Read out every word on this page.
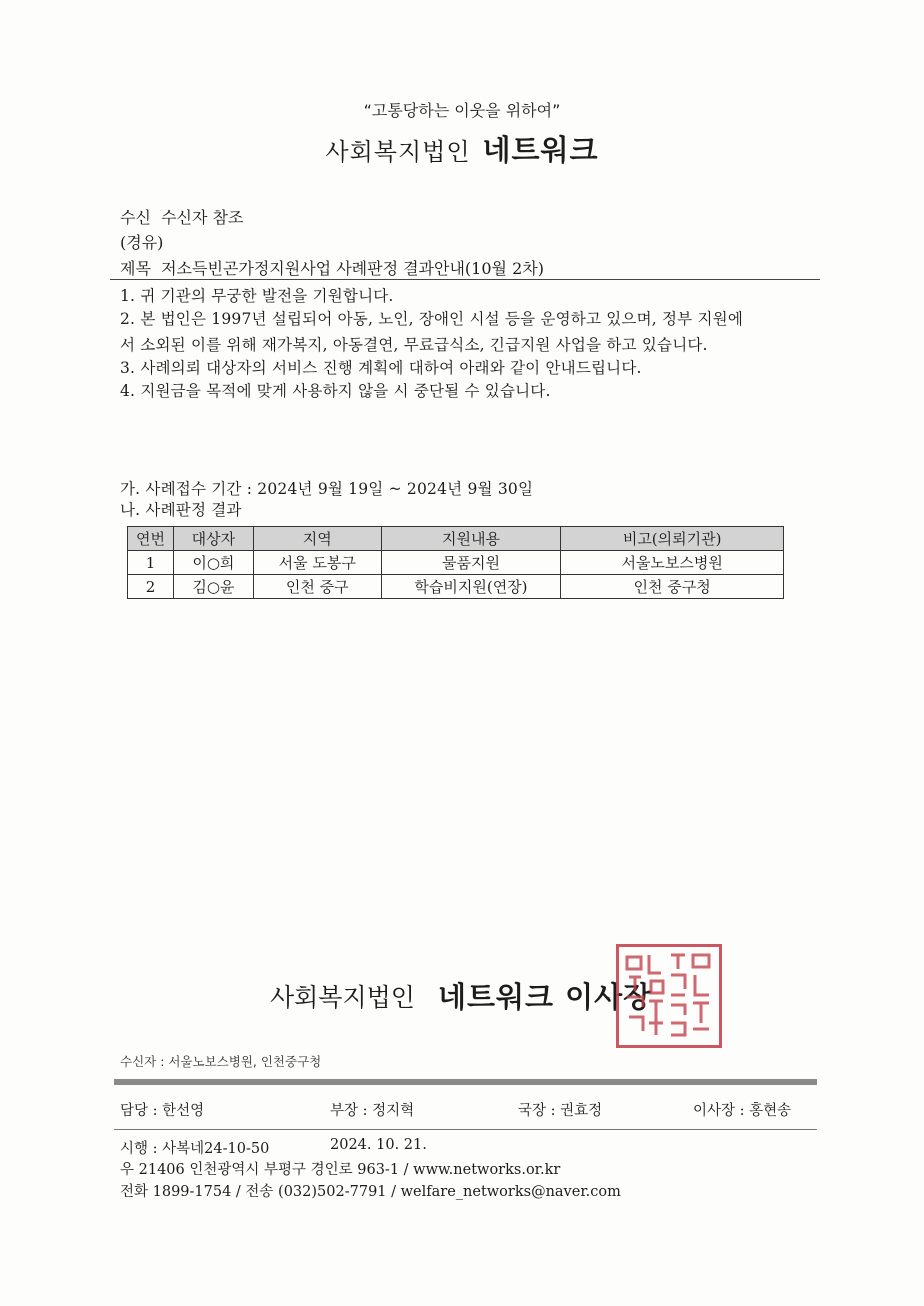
“고통당하는 이웃을 위하여”
사회복지법인 네트워크
수신 수신자 참조
(경유)
제목 저소득빈곤가정지원사업 사례판정 결과안내(10월 2차)
1. 귀 기관의 무궁한 발전을 기원합니다.
2. 본 법인은 1997년 설립되어 아동, 노인, 장애인 시설 등을 운영하고 있으며, 정부 지원에
서 소외된 이를 위해 재가복지, 아동결연, 무료급식소, 긴급지원 사업을 하고 있습니다.
3. 사례의뢰 대상자의 서비스 진행 계획에 대하여 아래와 같이 안내드립니다.
4. 지원금을 목적에 맞게 사용하지 않을 시 중단될 수 있습니다.
가. 사례접수 기간 : 2024년 9월 19일 ~ 2024년 9월 30일
나. 사례판정 결과
연번	대상자	지역	지원내용	비고(의뢰기관)
1	이○희	서울 도봉구	물품지원	서울노보스병원
2	김○윤	인천 중구	학습비지원(연장)	인천 중구청
사회복지법인 네트워크 이사장
수신자 : 서울노보스병원, 인천중구청
담당 : 한선영	부장 : 정지혁	국장 : 권효정	이사장 : 홍현송
시행 : 사복네24-10-50	2024. 10. 21.
우 21406 인천광역시 부평구 경인로 963-1 / www.networks.or.kr
전화 1899-1754 / 전송 (032)502-7791 / welfare_networks@naver.com
